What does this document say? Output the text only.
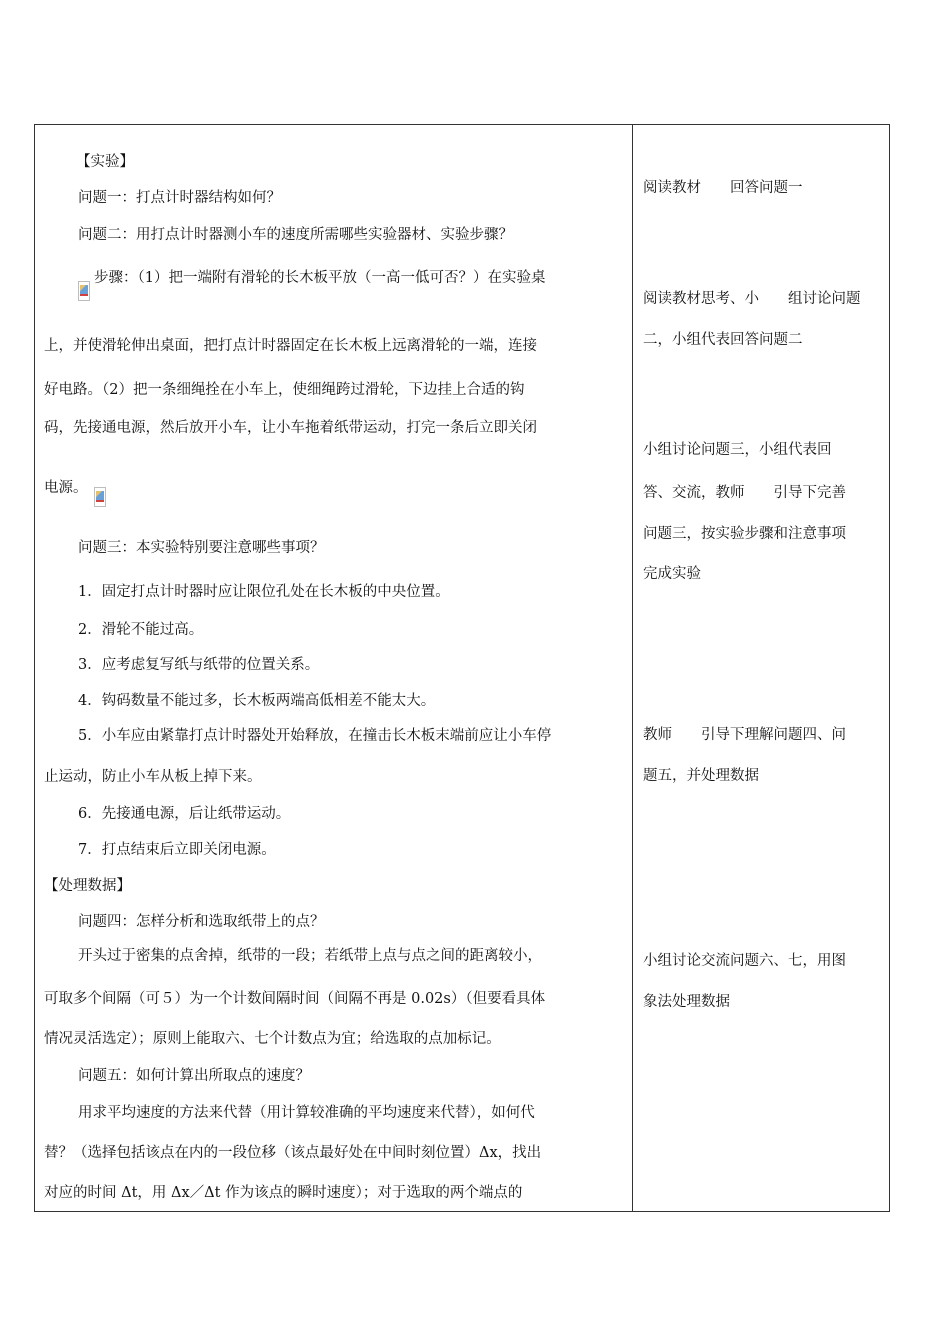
【实验】
问题一：打点计时器结构如何？
问题二：用打点计时器测小车的速度所需哪些实验器材、实验步骤？
步骤：（1）把一端附有滑轮的长木板平放（一高一低可否？）在实验桌
上，并使滑轮伸出桌面，把打点计时器固定在长木板上远离滑轮的一端，连接
好电路。（2）把一条细绳拴在小车上，使细绳跨过滑轮，下边挂上合适的钩
码，先接通电源，然后放开小车，让小车拖着纸带运动，打完一条后立即关闭
电源。
问题三：本实验特别要注意哪些事项？
1．固定打点计时器时应让限位孔处在长木板的中央位置。
2．滑轮不能过高。
3．应考虑复写纸与纸带的位置关系。
4．钩码数量不能过多，长木板两端高低相差不能太大。
5．小车应由紧靠打点计时器处开始释放，在撞击长木板末端前应让小车停
止运动，防止小车从板上掉下来。
6．先接通电源，后让纸带运动。
7．打点结束后立即关闭电源。
【处理数据】
问题四：怎样分析和选取纸带上的点？
开头过于密集的点舍掉，纸带的一段；若纸带上点与点之间的距离较小，
可取多个间隔（可５）为一个计数间隔时间（间隔不再是 0.02s）（但要看具体
情况灵活选定）；原则上能取六、七个计数点为宜；给选取的点加标记。
问题五：如何计算出所取点的速度？
用求平均速度的方法来代替（用计算较准确的平均速度来代替），如何代
替？（选择包括该点在内的一段位移（该点最好处在中间时刻位置）Δx，找出
对应的时间 Δt，用 Δx／Δt 作为该点的瞬时速度）；对于选取的两个端点的
阅读教材　　回答问题一
阅读教材思考、小　　组讨论问题
二，小组代表回答问题二
小组讨论问题三，小组代表回
答、交流，教师　　引导下完善
问题三，按实验步骤和注意事项
完成实验
教师　　引导下理解问题四、问
题五，并处理数据
小组讨论交流问题六、七，用图
象法处理数据
